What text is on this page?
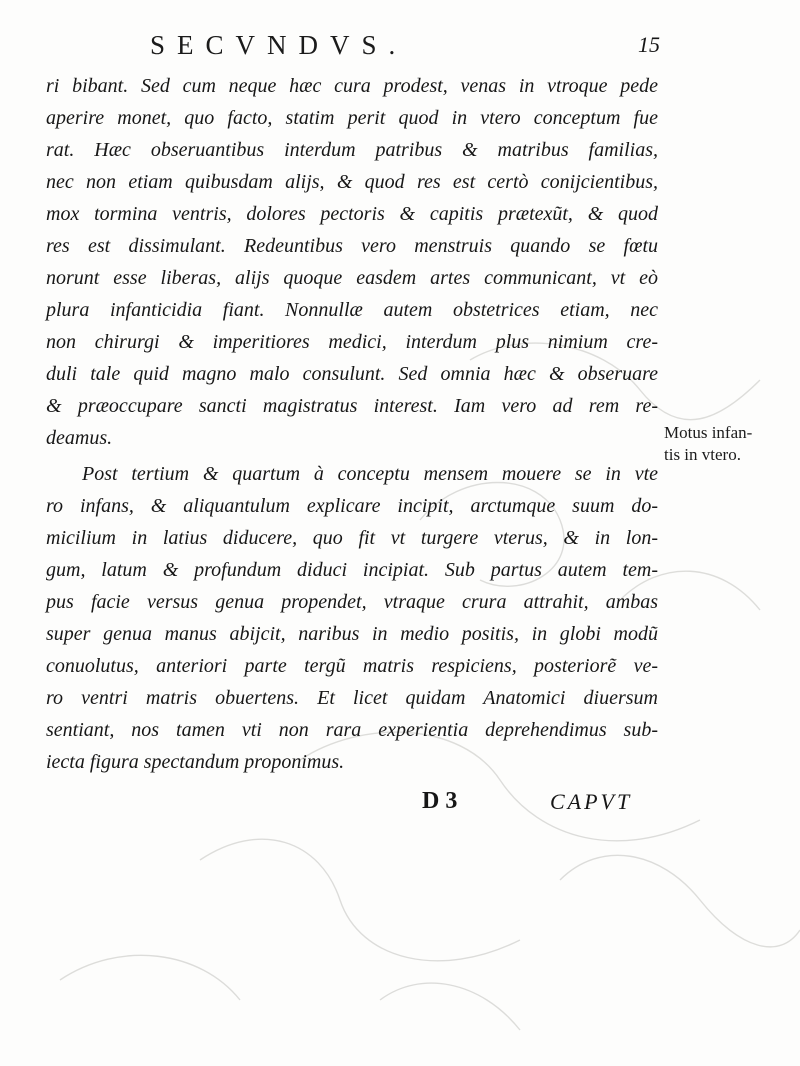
SECVNDVS.	15
ri bibant. Sed cum neque hæc cura prodest, venas in vtroque pede
aperire monet, quo facto, statim perit quod in vtero conceptum fue
rat. Hæc obseruantibus interdum patribus & matribus familias,
nec non etiam quibusdam alijs, & quod res est certò conijcientibus,
mox tormina ventris, dolores pectoris & capitis prætexũt, & quod
res est dissimulant. Redeuntibus vero menstruis quando se fœtu
norunt esse liberas, alijs quoque easdem artes communicant, vt eò
plura infanticidia fiant. Nonnullæ autem obstetrices etiam, nec
non chirurgi & imperitiores medici, interdum plus nimium cre-
duli tale quid magno malo consulunt. Sed omnia hæc & obseruare
& præoccupare sancti magistratus interest. Iam vero ad rem re-
deamus.
Post tertium & quartum à conceptu mensem mouere se in vte
ro infans, & aliquantulum explicare incipit, arctumque suum do-
micilium in latius diducere, quo fit vt turgere vterus, & in lon-
gum, latum & profundum diduci incipiat. Sub partus autem tem-
pus facie versus genua propendet, vtraque crura attrahit, ambas
super genua manus abijcit, naribus in medio positis, in globi modũ
conuolutus, anteriori parte tergũ matris respiciens, posteriorẽ ve-
ro ventri matris obuertens. Et licet quidam Anatomici diuersum
sentiant, nos tamen vti non rara experientia deprehendimus sub-
iecta figura spectandum proponimus.
Motus infan-
tis in vtero.
D 3	CAPVT
